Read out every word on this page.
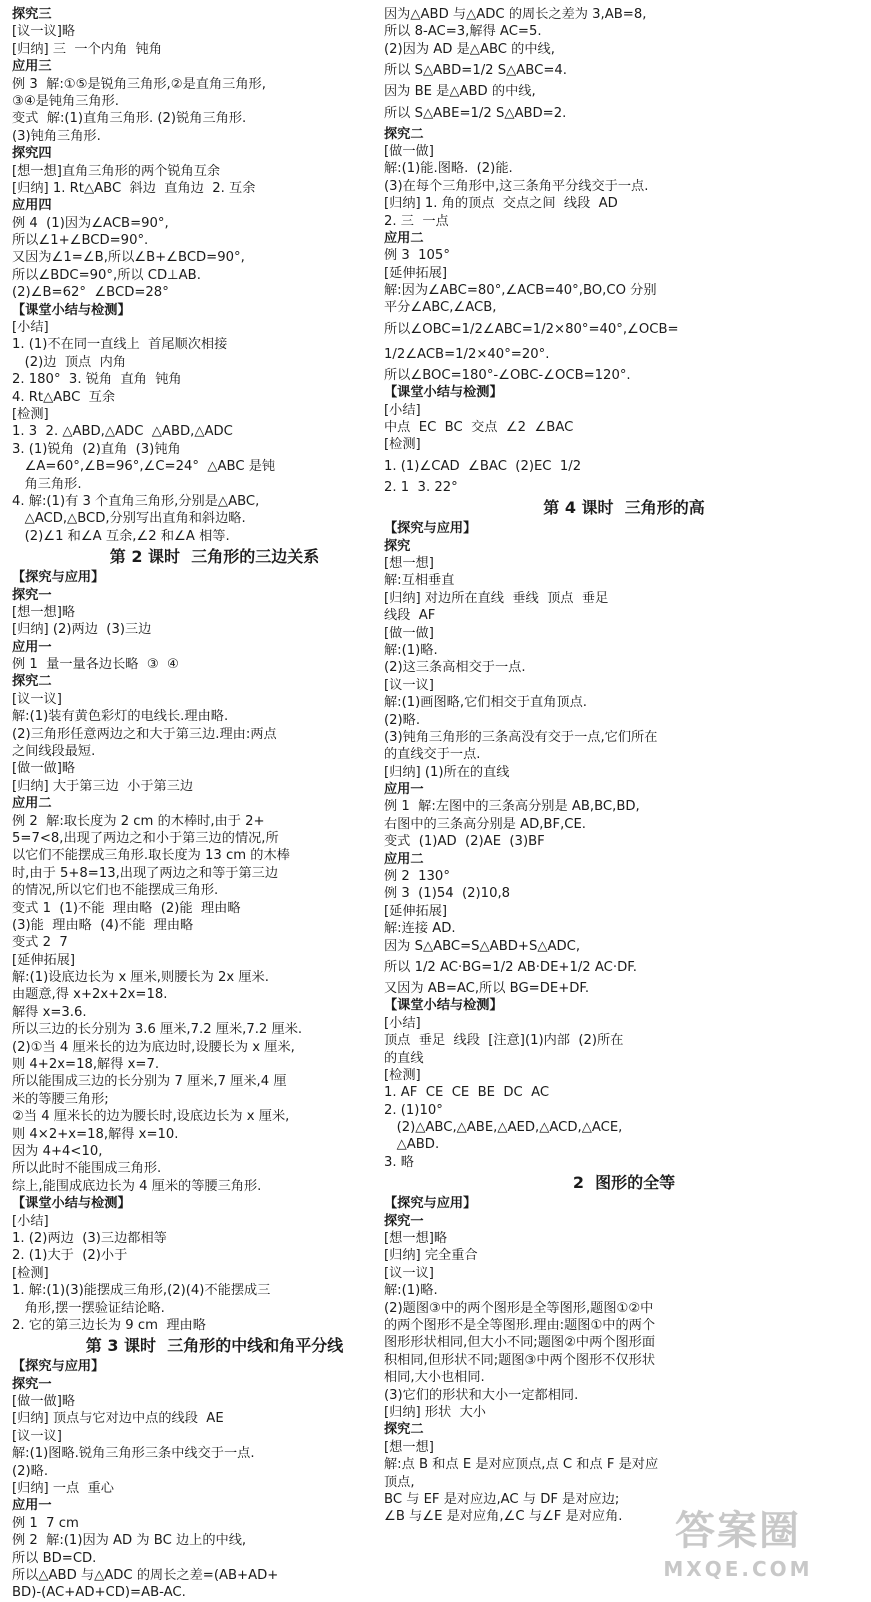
探究三
[议一议]略
[归纳] 三  一个内角  钝角
应用三
例 3  解:①⑤是锐角三角形,②是直角三角形,
③④是钝角三角形.
变式  解:(1)直角三角形. (2)锐角三角形.
(3)钝角三角形.
探究四
[想一想]直角三角形的两个锐角互余
[归纳] 1. Rt△ABC  斜边  直角边  2. 互余
应用四
例 4  (1)因为∠ACB=90°,
所以∠1+∠BCD=90°.
又因为∠1=∠B,所以∠B+∠BCD=90°,
所以∠BDC=90°,所以 CD⊥AB.
(2)∠B=62°  ∠BCD=28°
【课堂小结与检测】
[小结]
1. (1)不在同一直线上  首尾顺次相接
(2)边  顶点  内角
2. 180°  3. 锐角  直角  钝角
4. Rt△ABC  互余
[检测]
1. 3  2. △ABD,△ADC  △ABD,△ADC
3. (1)锐角  (2)直角  (3)钝角
∠A=60°,∠B=96°,∠C=24°  △ABC 是钝
角三角形.
4. 解:(1)有 3 个直角三角形,分别是△ABC,
△ACD,△BCD,分别写出直角和斜边略.
(2)∠1 和∠A 互余,∠2 和∠A 相等.
第 2 课时  三角形的三边关系
【探究与应用】
探究一
[想一想]略
[归纳] (2)两边  (3)三边
应用一
例 1  量一量各边长略  ③  ④
探究二
[议一议]
解:(1)装有黄色彩灯的电线长.理由略.
(2)三角形任意两边之和大于第三边.理由:两点
之间线段最短.
[做一做]略
[归纳] 大于第三边  小于第三边
应用二
例 2  解:取长度为 2 cm 的木棒时,由于 2+
5=7<8,出现了两边之和小于第三边的情况,所
以它们不能摆成三角形.取长度为 13 cm 的木棒
时,由于 5+8=13,出现了两边之和等于第三边
的情况,所以它们也不能摆成三角形.
变式 1  (1)不能  理由略  (2)能  理由略
(3)能  理由略  (4)不能  理由略
变式 2  7
[延伸拓展]
解:(1)设底边长为 x 厘米,则腰长为 2x 厘米.
由题意,得 x+2x+2x=18.
解得 x=3.6.
所以三边的长分别为 3.6 厘米,7.2 厘米,7.2 厘米.
(2)①当 4 厘米长的边为底边时,设腰长为 x 厘米,
则 4+2x=18,解得 x=7.
所以能围成三边的长分别为 7 厘米,7 厘米,4 厘
米的等腰三角形;
②当 4 厘米长的边为腰长时,设底边长为 x 厘米,
则 4×2+x=18,解得 x=10.
因为 4+4<10,
所以此时不能围成三角形.
综上,能围成底边长为 4 厘米的等腰三角形.
【课堂小结与检测】
[小结]
1. (2)两边  (3)三边都相等
2. (1)大于  (2)小于
[检测]
1. 解:(1)(3)能摆成三角形,(2)(4)不能摆成三
角形,摆一摆验证结论略.
2. 它的第三边长为 9 cm  理由略
第 3 课时  三角形的中线和角平分线
【探究与应用】
探究一
[做一做]略
[归纳] 顶点与它对边中点的线段  AE
[议一议]
解:(1)图略.锐角三角形三条中线交于一点.
(2)略.
[归纳] 一点  重心
应用一
例 1  7 cm
例 2  解:(1)因为 AD 为 BC 边上的中线,
所以 BD=CD.
所以△ABD 与△ADC 的周长之差=(AB+AD+
BD)-(AC+AD+CD)=AB-AC.
因为△ABD 与△ADC 的周长之差为 3,AB=8,
所以 8-AC=3,解得 AC=5.
(2)因为 AD 是△ABC 的中线,
所以 S△ABD=1/2 S△ABC=4.
因为 BE 是△ABD 的中线,
所以 S△ABE=1/2 S△ABD=2.
探究二
[做一做]
解:(1)能.图略.  (2)能.
(3)在每个三角形中,这三条角平分线交于一点.
[归纳] 1. 角的顶点  交点之间  线段  AD
2. 三  一点
应用二
例 3  105°
[延伸拓展]
解:因为∠ABC=80°,∠ACB=40°,BO,CO 分别
平分∠ABC,∠ACB,
所以∠OBC=1/2∠ABC=1/2×80°=40°,∠OCB=
1/2∠ACB=1/2×40°=20°.
所以∠BOC=180°-∠OBC-∠OCB=120°.
【课堂小结与检测】
[小结]
中点  EC  BC  交点  ∠2  ∠BAC
[检测]
1. (1)∠CAD  ∠BAC  (2)EC  1/2
2. 1  3. 22°
第 4 课时  三角形的高
【探究与应用】
探究
[想一想]
解:互相垂直
[归纳] 对边所在直线  垂线  顶点  垂足
线段  AF
[做一做]
解:(1)略.
(2)这三条高相交于一点.
[议一议]
解:(1)画图略,它们相交于直角顶点.
(2)略.
(3)钝角三角形的三条高没有交于一点,它们所在
的直线交于一点.
[归纳] (1)所在的直线
应用一
例 1  解:左图中的三条高分别是 AB,BC,BD,
右图中的三条高分别是 AD,BF,CE.
变式  (1)AD  (2)AE  (3)BF
应用二
例 2  130°
例 3  (1)54  (2)10,8
[延伸拓展]
解:连接 AD.
因为 S△ABC=S△ABD+S△ADC,
所以 1/2 AC·BG=1/2 AB·DE+1/2 AC·DF.
又因为 AB=AC,所以 BG=DE+DF.
【课堂小结与检测】
[小结]
顶点  垂足  线段  [注意](1)内部  (2)所在
的直线
[检测]
1. AF  CE  CE  BE  DC  AC
2. (1)10°
(2)△ABC,△ABE,△AED,△ACD,△ACE,
△ABD.
3. 略
2  图形的全等
【探究与应用】
探究一
[想一想]略
[归纳] 完全重合
[议一议]
解:(1)略.
(2)题图③中的两个图形是全等图形,题图①②中
的两个图形不是全等图形.理由:题图①中的两个
图形形状相同,但大小不同;题图②中两个图形面
积相同,但形状不同;题图③中两个图形不仅形状
相同,大小也相同.
(3)它们的形状和大小一定都相同.
[归纳] 形状  大小
探究二
[想一想]
解:点 B 和点 E 是对应顶点,点 C 和点 F 是对应
顶点,
BC 与 EF 是对应边,AC 与 DF 是对应边;
∠B 与∠E 是对应角,∠C 与∠F 是对应角.	答案圈
MXQE.COM
